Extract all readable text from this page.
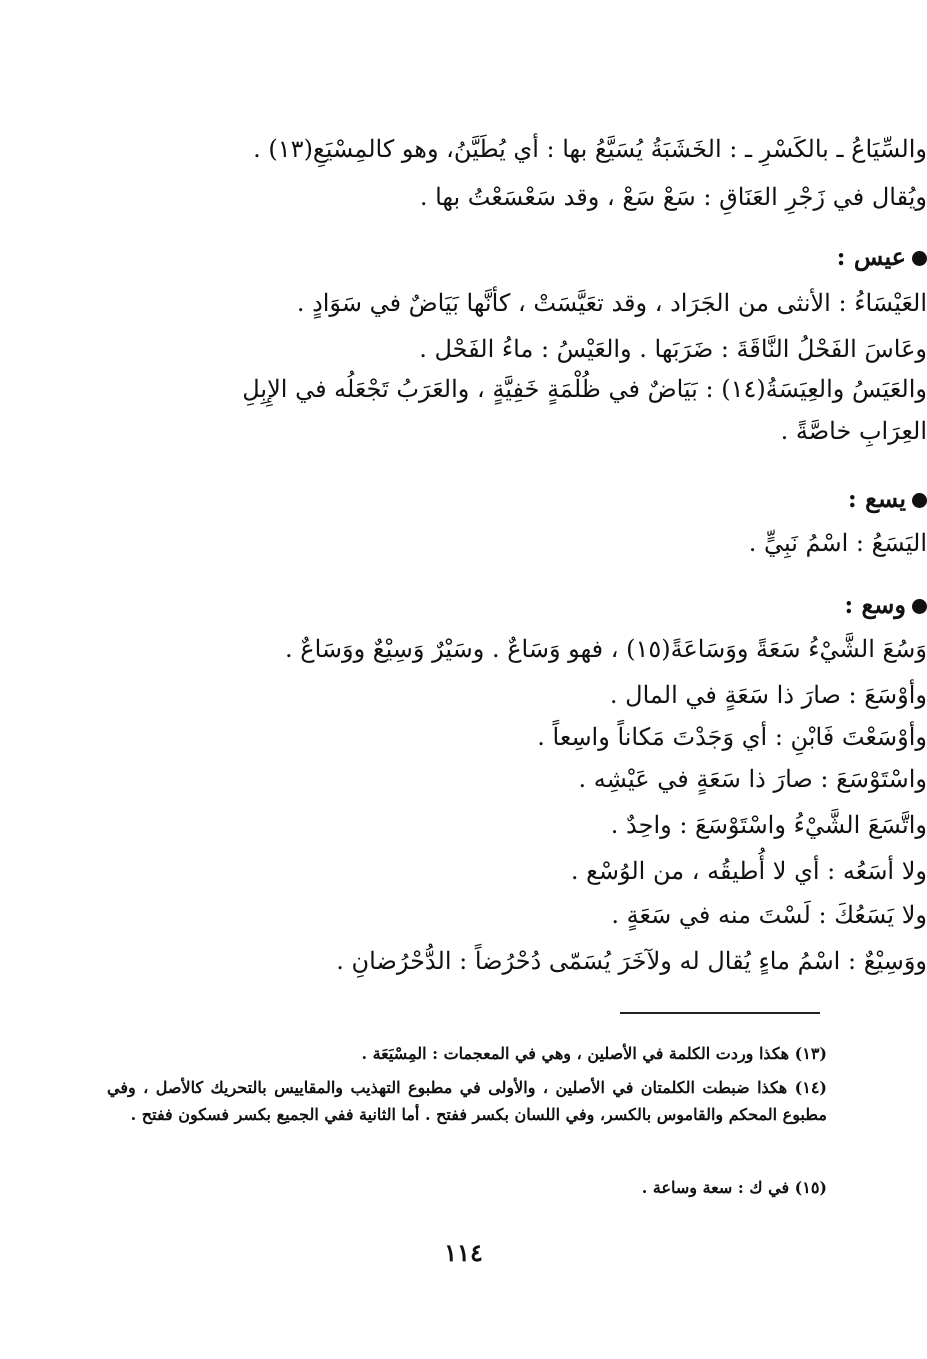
والسِّيَاعُ ـ بالكَسْرِ ـ : الخَشَبَةُ يُسَيَّعُ بها : أي يُطَيَّنُ، وهو كالمِسْيَعِ(١٣) .
ويُقال في زَجْرِ العَنَاقِ : سَعْ سَعْ ، وقد سَعْسَعْتُ بها .
عيس :
العَيْسَاءُ : الأنثى من الجَرَاد ، وقد تعَيَّسَتْ ، كأنَّها بَيَاضٌ في سَوَادٍ .
وعَاسَ الفَحْلُ النَّاقَةَ : ضَرَبَها . والعَيْسُ : ماءُ الفَحْل .
والعَيَسُ والعِيَسَةُ(١٤) : بَيَاضٌ في ظُلْمَةٍ خَفِيَّةٍ ، والعَرَبُ تَجْعَلُه في الإِبِلِ
العِرَابِ خاصَّةً .
يسع :
اليَسَعُ : اسْمُ نَبِيٍّ .
وسع :
وَسُعَ الشَّيْءُ سَعَةً ووَسَاعَةً(١٥) ، فهو وَسَاعٌ . وسَيْرٌ وَسِيْعٌ ووَسَاعٌ .
وأوْسَعَ : صارَ ذا سَعَةٍ في المال .
وأوْسَعْتَ فَابْنِ : أي وَجَدْتَ مَكاناً واسِعاً .
واسْتَوْسَعَ : صارَ ذا سَعَةٍ في عَيْشِه .
واتَّسَعَ الشَّيْءُ واسْتَوْسَعَ : واحِدٌ .
ولا أسَعُه : أي لا أُطيقُه ، من الوُسْع .
ولا يَسَعُكَ : لَسْتَ منه في سَعَةٍ .
ووَسِيْعٌ : اسْمُ ماءٍ يُقال له ولآخَرَ يُسَمّى دُحْرُضاً : الدُّحْرُضانِ .
(١٣) هكذا وردت الكلمة في الأصلين ، وهي في المعجمات : المِسْيَعَة .
(١٤) هكذا ضبطت الكلمتان في الأصلين ، والأولى في مطبوع التهذيب والمقاييس بالتحريك كالأصل ، وفي مطبوع المحكم والقاموس بالكسر، وفي اللسان بكسر ففتح . أما الثانية ففي الجميع بكسر فسكون ففتح .
(١٥) في ك : سعة وساعة .
١١٤
